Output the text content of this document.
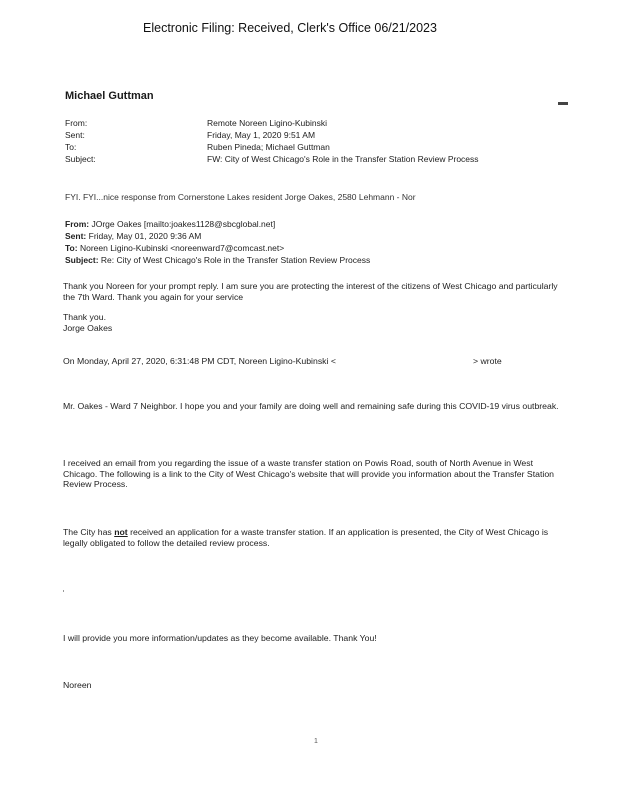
Electronic Filing: Received, Clerk's Office 06/21/2023
Michael Guttman
From:	Remote Noreen Ligino-Kubinski
Sent:	Friday, May 1, 2020 9:51 AM
To:	Ruben Pineda; Michael Guttman
Subject:	FW: City of West Chicago's Role in the Transfer Station Review Process
FYI. FYI...nice response from Cornerstone Lakes resident Jorge Oakes, 2580 Lehmann - Nor
From: JOrge Oakes [mailto:joakes1128@sbcglobal.net]
Sent: Friday, May 01, 2020 9:36 AM
To: Noreen Ligino-Kubinski <noreenward7@comcast.net>
Subject: Re: City of West Chicago's Role in the Transfer Station Review Process
Thank you Noreen for your prompt reply. I am sure you are protecting the interest of the citizens of West Chicago and particularly the 7th Ward. Thank you again for your service
Thank you.
Jorge Oakes
On Monday, April 27, 2020, 6:31:48 PM CDT, Noreen Ligino-Kubinski <	> wrote
Mr. Oakes - Ward 7 Neighbor. I hope you and your family are doing well and remaining safe during this COVID-19 virus outbreak.
I received an email from you regarding the issue of a waste transfer station on Powis Road, south of North Avenue in West Chicago. The following is a link to the City of West Chicago's website that will provide you information about the Transfer Station Review Process.
The City has not received an application for a waste transfer station. If an application is presented, the City of West Chicago is legally obligated to follow the detailed review process.
I will provide you more information/updates as they become available. Thank You!
Noreen
1
